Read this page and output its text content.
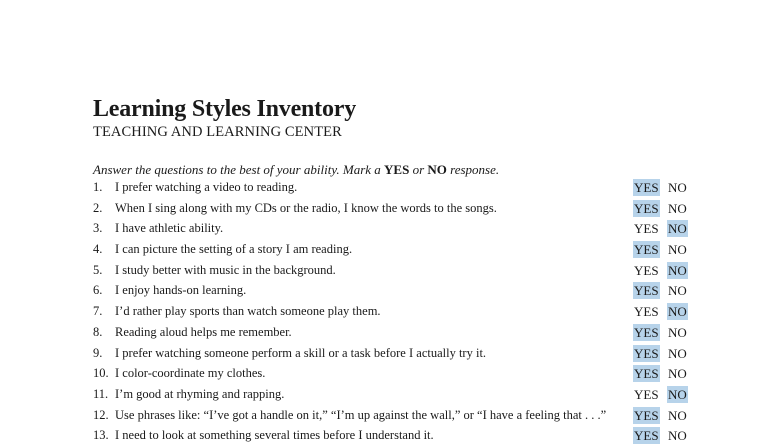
Learning Styles Inventory
TEACHING AND LEARNING CENTER
Answer the questions to the best of your ability. Mark a YES or NO response.
1. I prefer watching a video to reading.	YES NO
2. When I sing along with my CDs or the radio, I know the words to the songs.	YES NO
3. I have athletic ability.	YES NO
4. I can picture the setting of a story I am reading.	YES NO
5. I study better with music in the background.	YES NO
6. I enjoy hands-on learning.	YES NO
7. I’d rather play sports than watch someone play them.	YES NO
8. Reading aloud helps me remember.	YES NO
9. I prefer watching someone perform a skill or a task before I actually try it.	YES NO
10. I color-coordinate my clothes.	YES NO
11. I’m good at rhyming and rapping.	YES NO
12. Use phrases like: “I’ve got a handle on it,” “I’m up against the wall,” or “I have a feeling that . . .” YES NO
13. I need to look at something several times before I understand it.	YES NO
